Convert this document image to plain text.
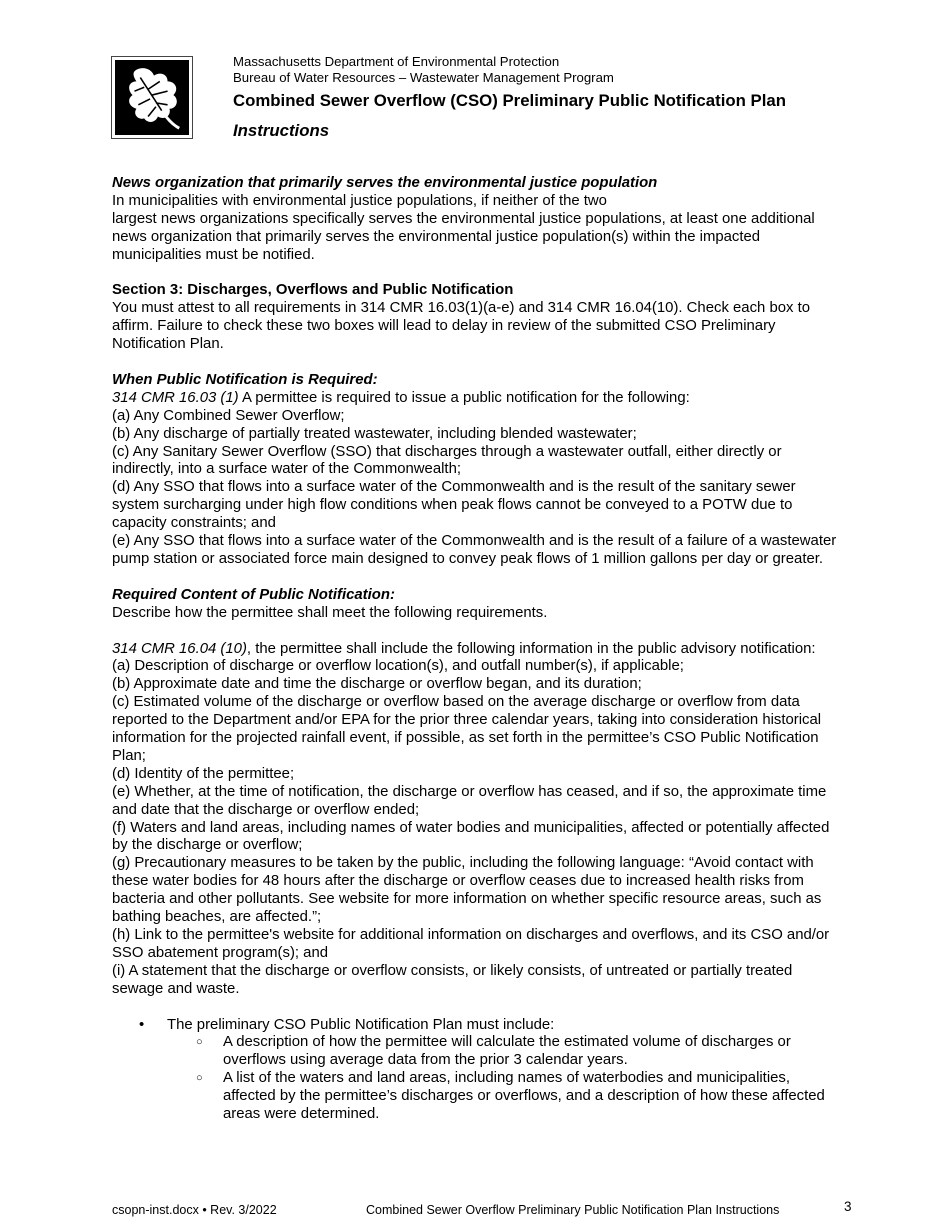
Massachusetts Department of Environmental Protection
Bureau of Water Resources – Wastewater Management Program
Combined Sewer Overflow (CSO) Preliminary Public Notification Plan
Instructions

News organization that primarily serves the environmental justice population

In municipalities with environmental justice populations, if neither of the two

largest news organizations specifically serves the environmental justice populations, at least one additional news organization that primarily serves the environmental justice population(s) within the impacted municipalities must be notified.

Section 3: Discharges, Overflows and Public Notification

You must attest to all requirements in 314 CMR 16.03(1)(a-e) and 314 CMR 16.04(10). Check each box to affirm. Failure to check these two boxes will lead to delay in review of the submitted CSO Preliminary Notification Plan.

When Public Notification is Required:

314 CMR 16.03 (1) A permittee is required to issue a public notification for the following:

(a) Any Combined Sewer Overflow;

(b) Any discharge of partially treated wastewater, including blended wastewater;

(c) Any Sanitary Sewer Overflow (SSO) that discharges through a wastewater outfall, either directly or indirectly, into a surface water of the Commonwealth;

(d) Any SSO that flows into a surface water of the Commonwealth and is the result of the sanitary sewer system surcharging under high flow conditions when peak flows cannot be conveyed to a POTW due to capacity constraints; and

(e) Any SSO that flows into a surface water of the Commonwealth and is the result of a failure of a wastewater pump station or associated force main designed to convey peak flows of 1 million gallons per day or greater.

Required Content of Public Notification:

Describe how the permittee shall meet the following requirements.

314 CMR 16.04 (10), the permittee shall include the following information in the public advisory notification:

(a) Description of discharge or overflow location(s), and outfall number(s), if applicable;

(b) Approximate date and time the discharge or overflow began, and its duration;

(c) Estimated volume of the discharge or overflow based on the average discharge or overflow from data reported to the Department and/or EPA for the prior three calendar years, taking into consideration historical information for the projected rainfall event, if possible, as set forth in the permittee’s CSO Public Notification Plan;

(d) Identity of the permittee;

(e) Whether, at the time of notification, the discharge or overflow has ceased, and if so, the approximate time and date that the discharge or overflow ended;

(f) Waters and land areas, including names of water bodies and municipalities, affected or potentially affected by the discharge or overflow;

(g) Precautionary measures to be taken by the public, including the following language: “Avoid contact with these water bodies for 48 hours after the discharge or overflow ceases due to increased health risks from bacteria and other pollutants. See website for more information on whether specific resource areas, such as bathing beaches, are affected.”;

(h) Link to the permittee's website for additional information on discharges and overflows, and its CSO and/or SSO abatement program(s); and

(i) A statement that the discharge or overflow consists, or likely consists, of untreated or partially treated sewage and waste.

• The preliminary CSO Public Notification Plan must include:
○ A description of how the permittee will calculate the estimated volume of discharges or overflows using average data from the prior 3 calendar years.
○ A list of the waters and land areas, including names of waterbodies and municipalities, affected by the permittee’s discharges or overflows, and a description of how these affected areas were determined.
csopn-inst.docx • Rev. 3/2022	Combined Sewer Overflow Preliminary Public Notification Plan Instructions	3
